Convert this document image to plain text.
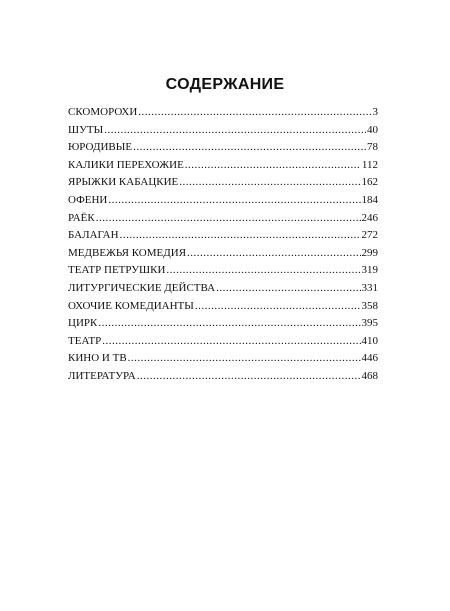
СОДЕРЖАНИЕ
СКОМОРОХИ .....	3
ШУТЫ .....	40
ЮРОДИВЫЕ .....	78
КАЛИКИ ПЕРЕХОЖИЕ .....	112
ЯРЫЖКИ КАБАЦКИЕ .....	162
ОФЕНИ .....	184
РАЁК .....	246
БАЛАГАН .....	272
МЕДВЕЖЬЯ КОМЕДИЯ .....	299
ТЕАТР ПЕТРУШКИ .....	319
ЛИТУРГИЧЕСКИЕ ДЕЙСТВА .....	331
ОХОЧИЕ КОМЕДИАНТЫ .....	358
ЦИРК .....	395
ТЕАТР .....	410
КИНО И ТВ .....	446
ЛИТЕРАТУРА .....	468
